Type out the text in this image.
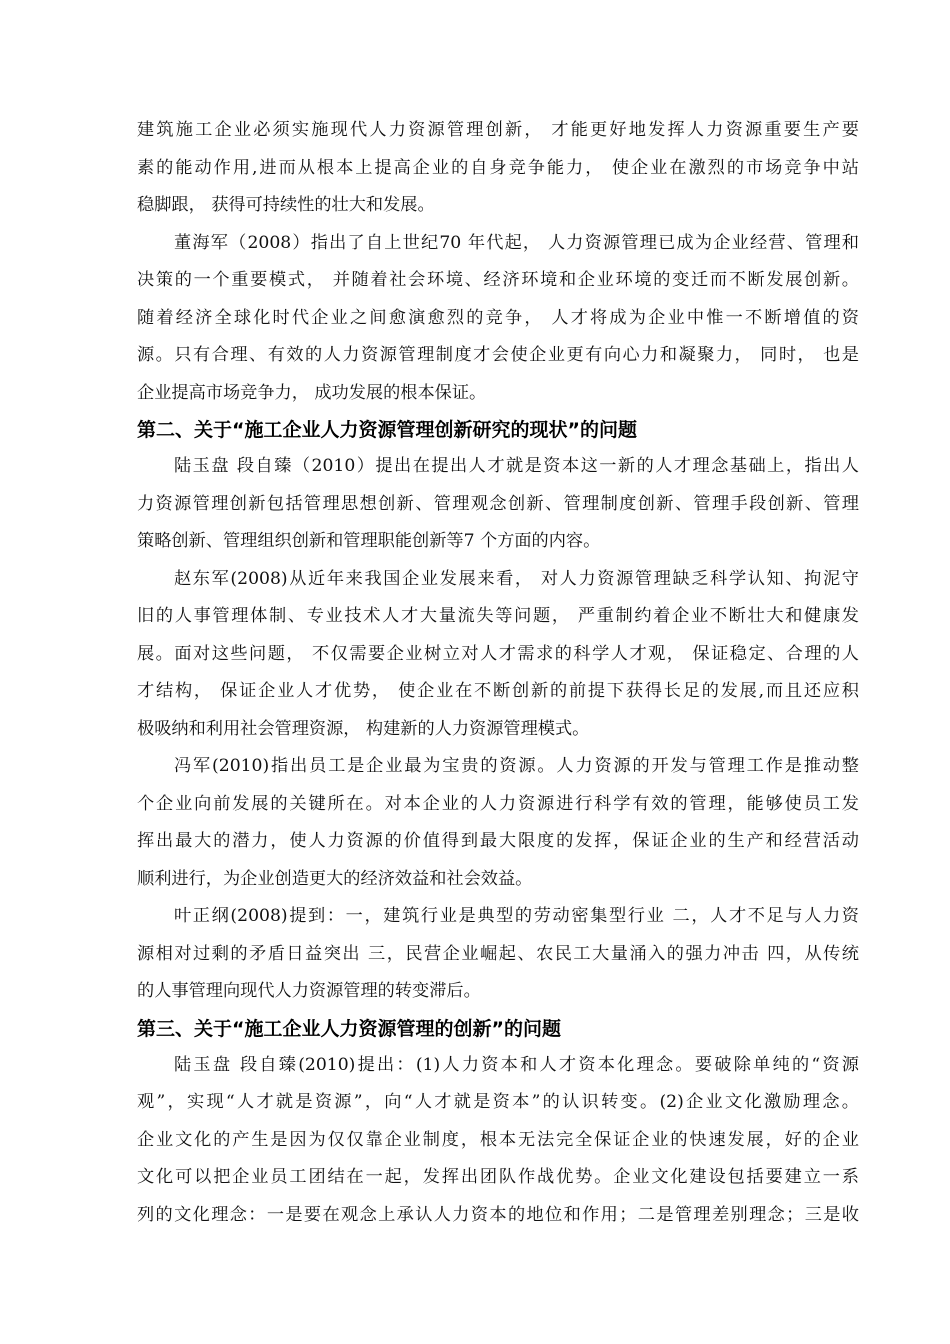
建筑施工企业必须实施现代人力资源管理创新， 才能更好地发挥人力资源重要生产要
素的能动作用,进而从根本上提高企业的自身竞争能力， 使企业在激烈的市场竞争中站
稳脚跟， 获得可持续性的壮大和发展。
董海军（2008）指出了自上世纪70 年代起， 人力资源管理已成为企业经营、管理和
决策的一个重要模式， 并随着社会环境、经济环境和企业环境的变迁而不断发展创新。
随着经济全球化时代企业之间愈演愈烈的竞争， 人才将成为企业中惟一不断增值的资
源。只有合理、有效的人力资源管理制度才会使企业更有向心力和凝聚力， 同时， 也是
企业提高市场竞争力， 成功发展的根本保证。
第二、关于“施工企业人力资源管理创新研究的现状”的问题
陆玉盘 段自臻（2010）提出在提出人才就是资本这一新的人才理念基础上，指出人
力资源管理创新包括管理思想创新、管理观念创新、管理制度创新、管理手段创新、管理
策略创新、管理组织创新和管理职能创新等7 个方面的内容。
赵东军(2008)从近年来我国企业发展来看， 对人力资源管理缺乏科学认知、拘泥守
旧的人事管理体制、专业技术人才大量流失等问题， 严重制约着企业不断壮大和健康发
展。面对这些问题， 不仅需要企业树立对人才需求的科学人才观， 保证稳定、合理的人
才结构， 保证企业人才优势， 使企业在不断创新的前提下获得长足的发展,而且还应积
极吸纳和利用社会管理资源， 构建新的人力资源管理模式。
冯军(2010)指出员工是企业最为宝贵的资源。人力资源的开发与管理工作是推动整
个企业向前发展的关键所在。对本企业的人力资源进行科学有效的管理，能够使员工发
挥出最大的潜力，使人力资源的价值得到最大限度的发挥，保证企业的生产和经营活动
顺利进行，为企业创造更大的经济效益和社会效益。
叶正纲(2008)提到：一，建筑行业是典型的劳动密集型行业 二，人才不足与人力资
源相对过剩的矛盾日益突出 三，民营企业崛起、农民工大量涌入的强力冲击 四，从传统
的人事管理向现代人力资源管理的转变滞后。
第三、关于“施工企业人力资源管理的创新”的问题
陆玉盘 段自臻(2010)提出：(1)人力资本和人才资本化理念。要破除单纯的“资源
观”，实现“人才就是资源”，向“人才就是资本”的认识转变。(2)企业文化激励理念。
企业文化的产生是因为仅仅靠企业制度，根本无法完全保证企业的快速发展，好的企业
文化可以把企业员工团结在一起，发挥出团队作战优势。企业文化建设包括要建立一系
列的文化理念：一是要在观念上承认人力资本的地位和作用；二是管理差别理念；三是收
